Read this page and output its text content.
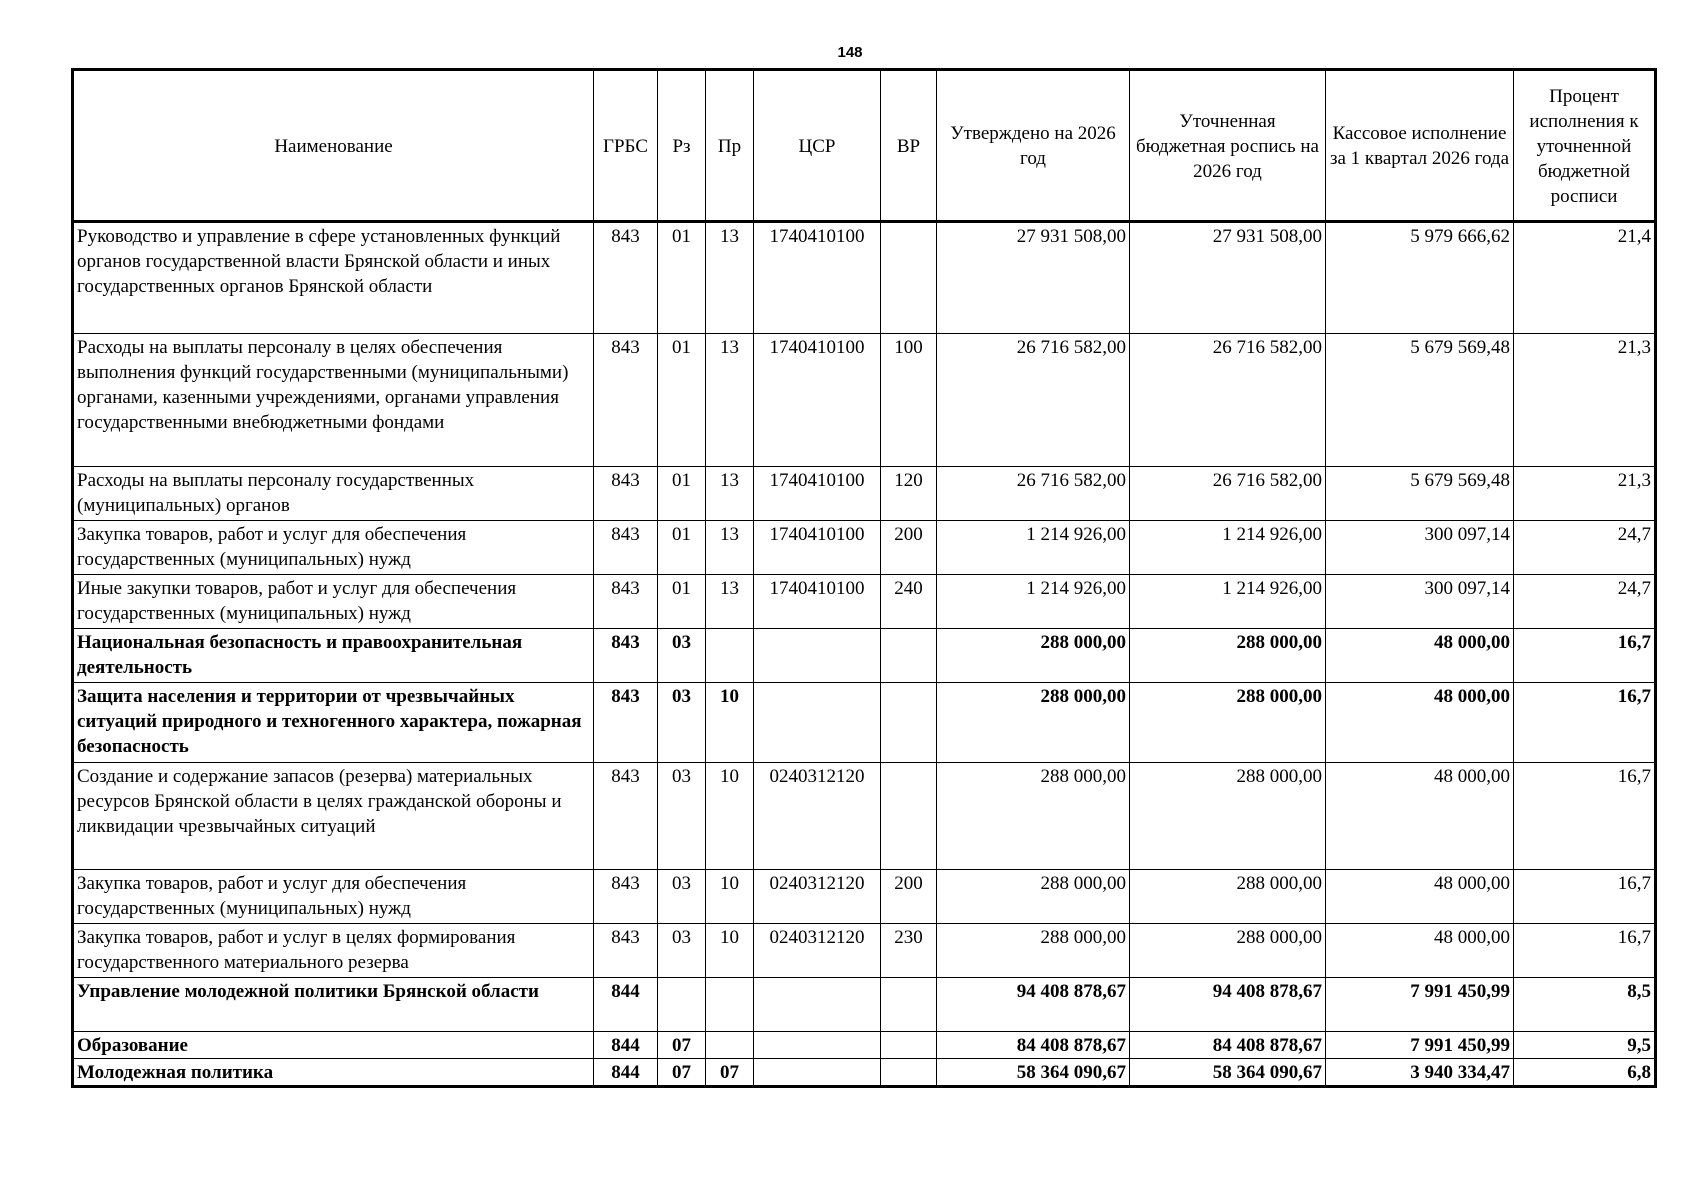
148
Наименование	ГРБС	Рз	Пр	ЦСР	ВР	Утверждено на 2026 год	Уточненная бюджетная роспись на 2026 год	Кассовое исполнение за 1 квартал 2026 года	Процент исполнения к уточненной бюджетной росписи
Руководство и управление в сфере установленных функций органов государственной власти Брянской области и иных государственных органов Брянской области	843	01	13	1740410100		27 931 508,00	27 931 508,00	5 979 666,62	21,4
Расходы на выплаты персоналу в целях обеспечения выполнения функций государственными (муниципальными) органами, казенными учреждениями, органами управления государственными внебюджетными фондами	843	01	13	1740410100	100	26 716 582,00	26 716 582,00	5 679 569,48	21,3
Расходы на выплаты персоналу государственных (муниципальных) органов	843	01	13	1740410100	120	26 716 582,00	26 716 582,00	5 679 569,48	21,3
Закупка товаров, работ и услуг для обеспечения государственных (муниципальных) нужд	843	01	13	1740410100	200	1 214 926,00	1 214 926,00	300 097,14	24,7
Иные закупки товаров, работ и услуг для обеспечения государственных (муниципальных) нужд	843	01	13	1740410100	240	1 214 926,00	1 214 926,00	300 097,14	24,7
Национальная безопасность и правоохранительная деятельность	843	03				288 000,00	288 000,00	48 000,00	16,7
Защита населения и территории от чрезвычайных ситуаций природного и техногенного характера, пожарная безопасность	843	03	10			288 000,00	288 000,00	48 000,00	16,7
Создание и содержание запасов (резерва) материальных ресурсов Брянской области в целях гражданской обороны и ликвидации чрезвычайных ситуаций	843	03	10	0240312120		288 000,00	288 000,00	48 000,00	16,7
Закупка товаров, работ и услуг для обеспечения государственных (муниципальных) нужд	843	03	10	0240312120	200	288 000,00	288 000,00	48 000,00	16,7
Закупка товаров, работ и услуг в целях формирования государственного материального резерва	843	03	10	0240312120	230	288 000,00	288 000,00	48 000,00	16,7
Управление молодежной политики Брянской области	844					94 408 878,67	94 408 878,67	7 991 450,99	8,5
Образование	844	07				84 408 878,67	84 408 878,67	7 991 450,99	9,5
Молодежная политика	844	07	07			58 364 090,67	58 364 090,67	3 940 334,47	6,8
